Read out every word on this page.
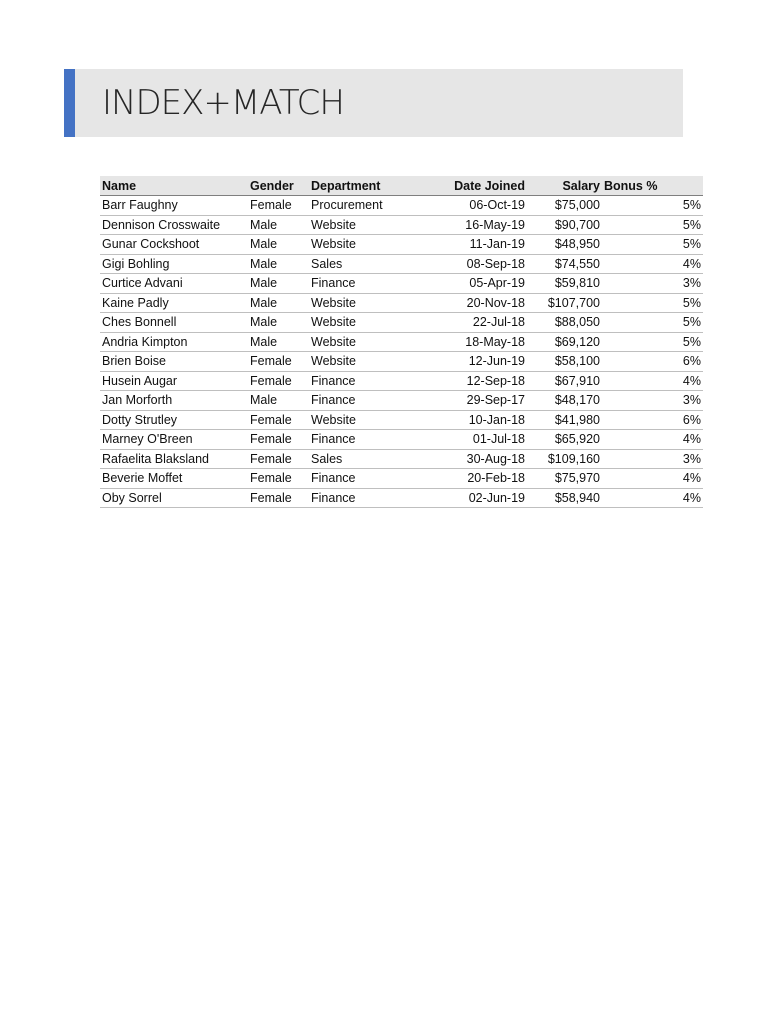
INDEX+MATCH
Name	Gender	Department	Date Joined	Salary	Bonus %
Barr Faughny	Female	Procurement	06-Oct-19	$75,000	5%
Dennison Crosswaite	Male	Website	16-May-19	$90,700	5%
Gunar Cockshoot	Male	Website	11-Jan-19	$48,950	5%
Gigi Bohling	Male	Sales	08-Sep-18	$74,550	4%
Curtice Advani	Male	Finance	05-Apr-19	$59,810	3%
Kaine Padly	Male	Website	20-Nov-18	$107,700	5%
Ches Bonnell	Male	Website	22-Jul-18	$88,050	5%
Andria Kimpton	Male	Website	18-May-18	$69,120	5%
Brien Boise	Female	Website	12-Jun-19	$58,100	6%
Husein Augar	Female	Finance	12-Sep-18	$67,910	4%
Jan Morforth	Male	Finance	29-Sep-17	$48,170	3%
Dotty Strutley	Female	Website	10-Jan-18	$41,980	6%
Marney O'Breen	Female	Finance	01-Jul-18	$65,920	4%
Rafaelita Blaksland	Female	Sales	30-Aug-18	$109,160	3%
Beverie Moffet	Female	Finance	20-Feb-18	$75,970	4%
Oby Sorrel	Female	Finance	02-Jun-19	$58,940	4%
